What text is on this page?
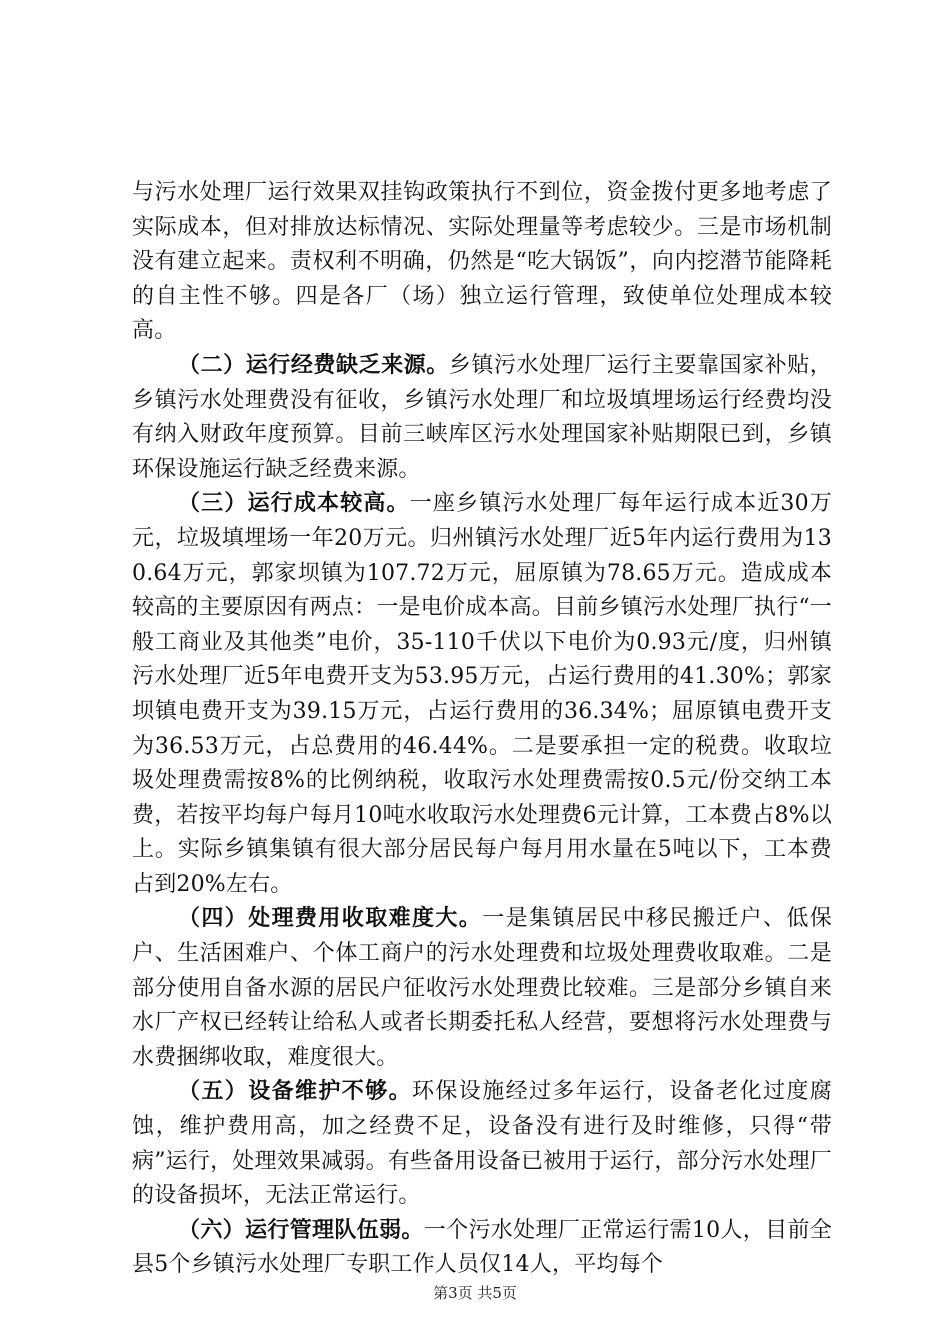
与污水处理厂运行效果双挂钩政策执行不到位，资金拨付更多地考虑了实际成本，但对排放达标情况、实际处理量等考虑较少。三是市场机制没有建立起来。责权利不明确，仍然是“吃大锅饭”，向内挖潜节能降耗的自主性不够。四是各厂（场）独立运行管理，致使单位处理成本较高。

（二）运行经费缺乏来源。乡镇污水处理厂运行主要靠国家补贴，乡镇污水处理费没有征收，乡镇污水处理厂和垃圾填埋场运行经费均没有纳入财政年度预算。目前三峡库区污水处理国家补贴期限已到，乡镇环保设施运行缺乏经费来源。

（三）运行成本较高。一座乡镇污水处理厂每年运行成本近30万元，垃圾填埋场一年20万元。归州镇污水处理厂近5年内运行费用为130.64万元，郭家坝镇为107.72万元，屈原镇为78.65万元。造成成本较高的主要原因有两点：一是电价成本高。目前乡镇污水处理厂执行“一般工商业及其他类”电价，35-110千伏以下电价为0.93元/度，归州镇污水处理厂近5年电费开支为53.95万元，占运行费用的41.30%；郭家坝镇电费开支为39.15万元，占运行费用的36.34%；屈原镇电费开支为36.53万元，占总费用的46.44%。二是要承担一定的税费。收取垃圾处理费需按8%的比例纳税，收取污水处理费需按0.5元/份交纳工本费，若按平均每户每月10吨水收取污水处理费6元计算，工本费占8%以上。实际乡镇集镇有很大部分居民每户每月用水量在5吨以下，工本费占到20%左右。

（四）处理费用收取难度大。一是集镇居民中移民搬迁户、低保户、生活困难户、个体工商户的污水处理费和垃圾处理费收取难。二是部分使用自备水源的居民户征收污水处理费比较难。三是部分乡镇自来水厂产权已经转让给私人或者长期委托私人经营，要想将污水处理费与水费捆绑收取，难度很大。

（五）设备维护不够。环保设施经过多年运行，设备老化过度腐蚀，维护费用高，加之经费不足，设备没有进行及时维修，只得“带病”运行，处理效果减弱。有些备用设备已被用于运行，部分污水处理厂的设备损坏，无法正常运行。

（六）运行管理队伍弱。一个污水处理厂正常运行需10人，目前全县5个乡镇污水处理厂专职工作人员仅14人，平均每个

第3页 共5页
